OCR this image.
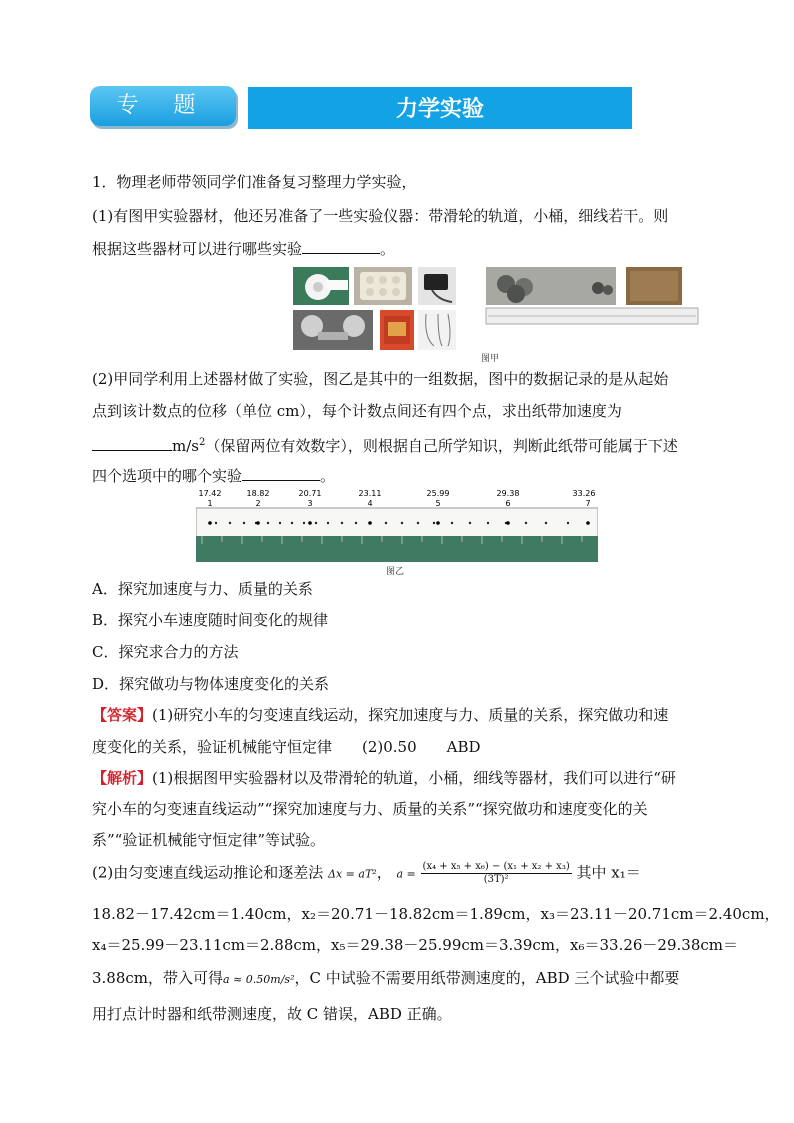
专 题 十
力学实验
1．物理老师带领同学们准备复习整理力学实验，
(1)有图甲实验器材，他还另准备了一些实验仪器：带滑轮的轨道，小桶，细线若干。则
根据这些器材可以进行哪些实验	。
图甲
(2)甲同学利用上述器材做了实验，图乙是其中的一组数据，图中的数据记录的是从起始
点到该计数点的位移（单位 cm），每个计数点间还有四个点，求出纸带加速度为
$m/s^2$（保留两位有效数字），则根据自己所学知识，判断此纸带可能属于下述
四个选项中的哪个实验	。
1
17.42
2
18.82
3
20.71
4
23.11
5
25.99
6
29.38
7
33.26
图乙
A．探究加速度与力、质量的关系
B．探究小车速度随时间变化的规律
C．探究求合力的方法
D．探究做功与物体速度变化的关系
【答案】(1)研究小车的匀变速直线运动，探究加速度与力、质量的关系，探究做功和速
度变化的关系，验证机械能守恒定律　　(2)0.50　　ABD
【解析】(1)根据图甲实验器材以及带滑轮的轨道，小桶，细线等器材，我们可以进行“研
究小车的匀变速直线运动”“探究加速度与力、质量的关系”“探究做功和速度变化的关
系”“验证机械能守恒定律”等试验。
(2)由匀变速直线运动推论和逐差法 Δx = aT²， $a = \frac{\text{(x₄ + x₅ + x₆) − (x₁ + x₂ + x₃)}}{\text{(3T)²}}$ 其中 x₁＝
18.82－17.42cm＝1.40cm，x₂＝20.71－18.82cm＝1.89cm，x₃＝23.11－20.71cm＝2.40cm，
x₄＝25.99－23.11cm＝2.88cm，x₅＝29.38－25.99cm＝3.39cm，x₆＝33.26－29.38cm＝
3.88cm，带入可得a ≈ 0.50m/s²，C 中试验不需要用纸带测速度的，ABD 三个试验中都要
用打点计时器和纸带测速度，故 C 错误，ABD 正确。
